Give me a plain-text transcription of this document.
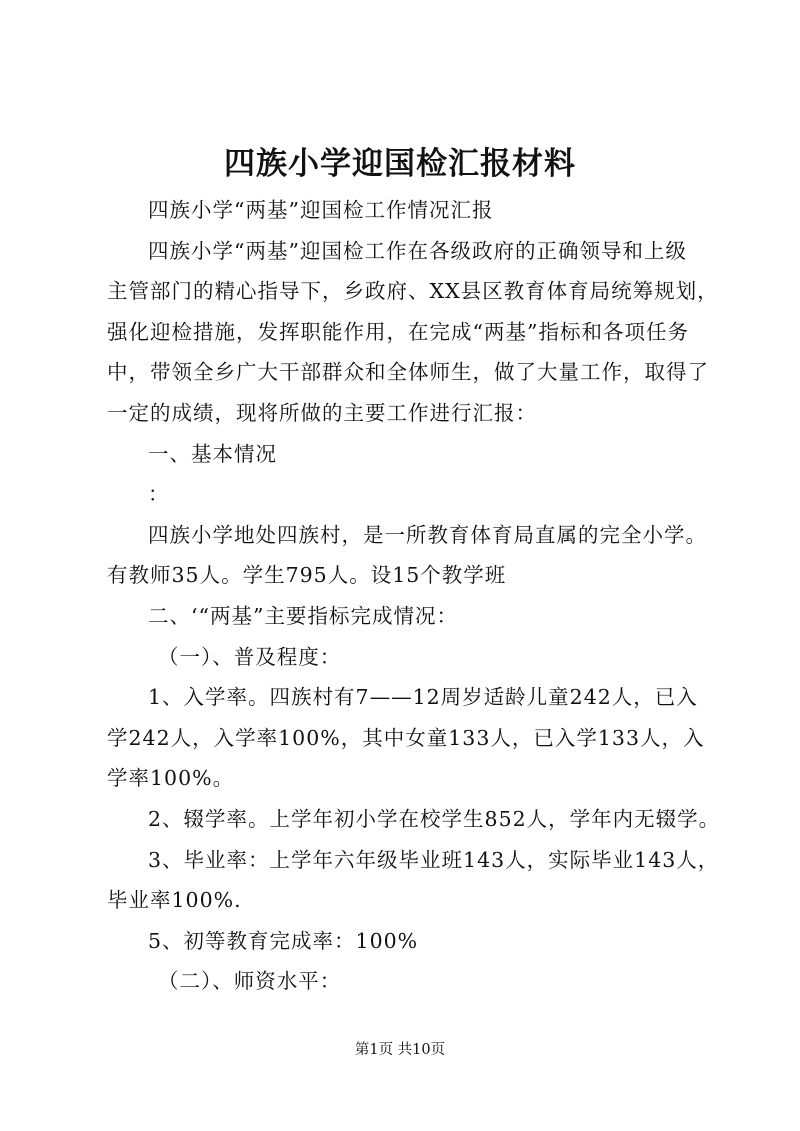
四族小学迎国检汇报材料

四族小学“两基”迎国检工作情况汇报

四族小学“两基”迎国检工作在各级政府的正确领导和上级

主管部门的精心指导下，乡政府、XX县区教育体育局统筹规划，

强化迎检措施，发挥职能作用，在完成“两基”指标和各项任务

中，带领全乡广大干部群众和全体师生，做了大量工作，取得了

一定的成绩，现将所做的主要工作进行汇报：

一、基本情况

：

四族小学地处四族村，是一所教育体育局直属的完全小学。

有教师35人。学生795人。设15个教学班

二、‘“两基”主要指标完成情况：

（一）、普及程度：

1、入学率。四族村有7——12周岁适龄儿童242人，已入

学242人，入学率100%，其中女童133人，已入学133人，入

学率100%。

2、辍学率。上学年初小学在校学生852人，学年内无辍学。

3、毕业率：上学年六年级毕业班143人，实际毕业143人，

毕业率100%.

5、初等教育完成率：100%

（二）、师资水平：

第1页 共10页
